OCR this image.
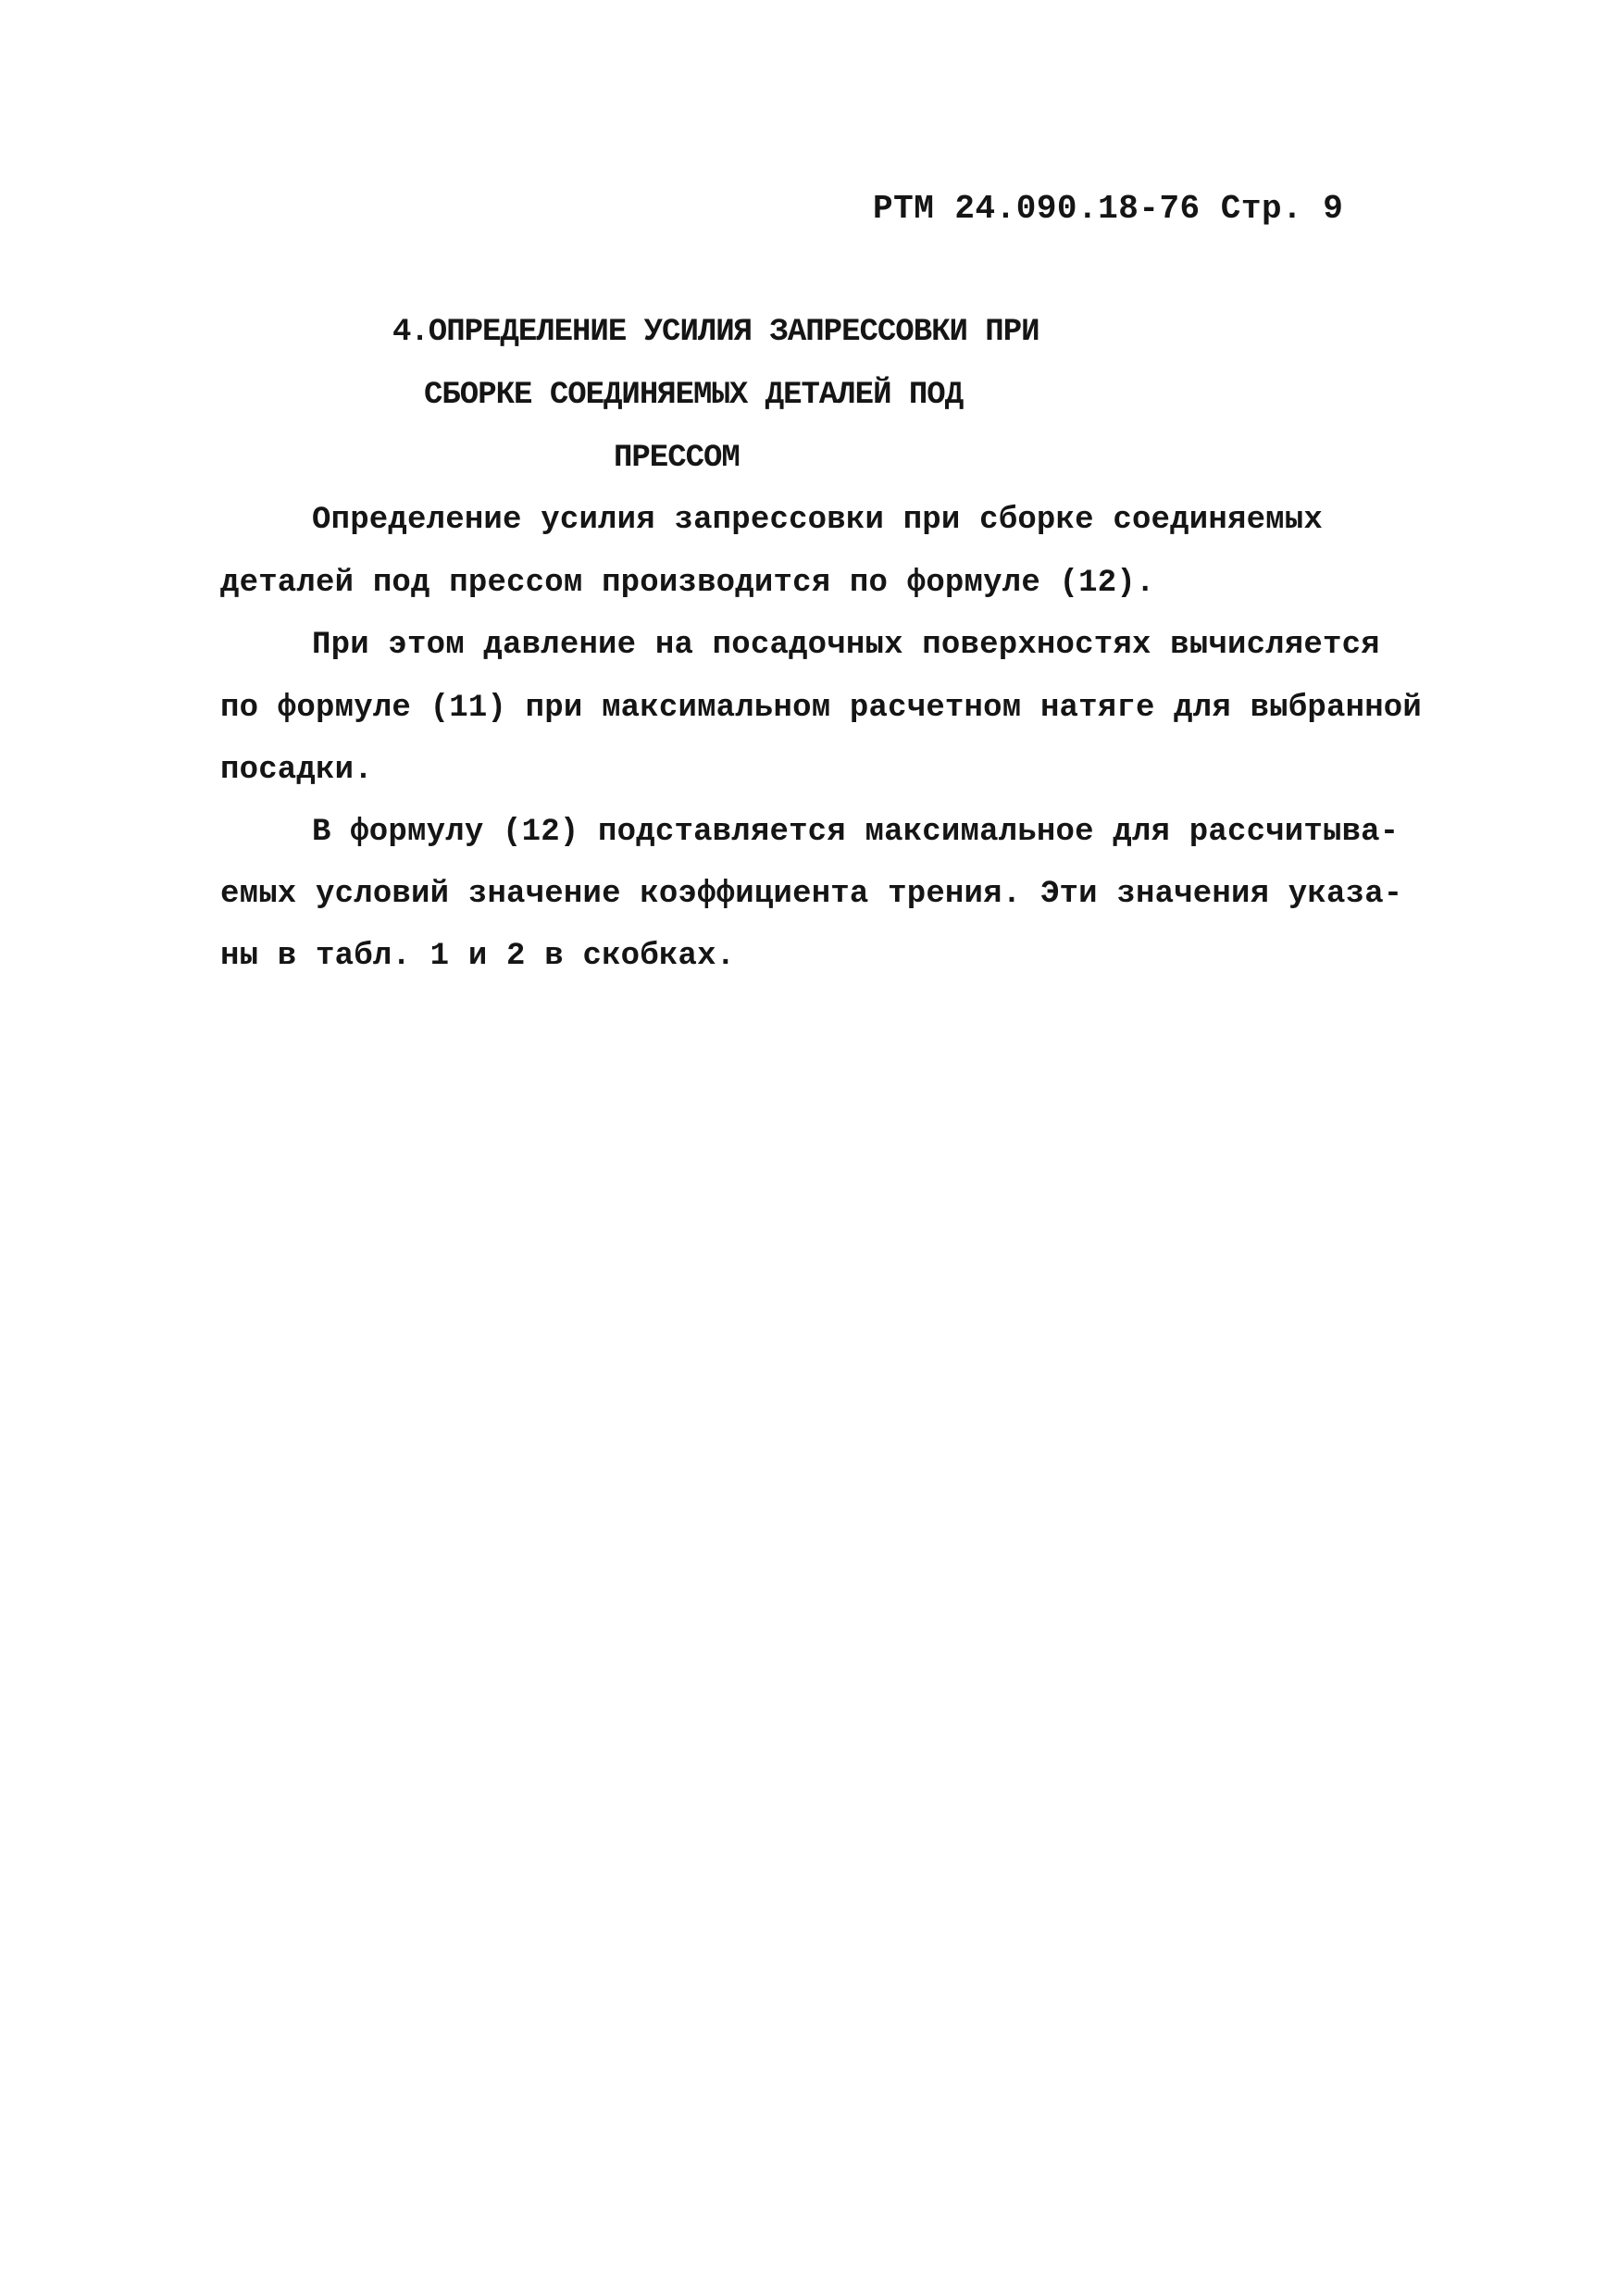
РТМ 24.090.18-76 Стр. 9
4.ОПРЕДЕЛЕНИЕ УСИЛИЯ ЗАПРЕССОВКИ ПРИ
СБОРКЕ СОЕДИНЯЕМЫХ ДЕТАЛЕЙ ПОД
ПРЕССОМ
Определение усилия запрессовки при сборке соединяемых
деталей под прессом производится по формуле (12).
При этом давление на посадочных поверхностях вычисляется
по формуле (11) при максимальном расчетном натяге для выбранной
посадки.
В формулу (12) подставляется максимальное для рассчитыва-
емых условий значение коэффициента трения. Эти значения указа-
ны в табл. 1 и 2 в скобках.
